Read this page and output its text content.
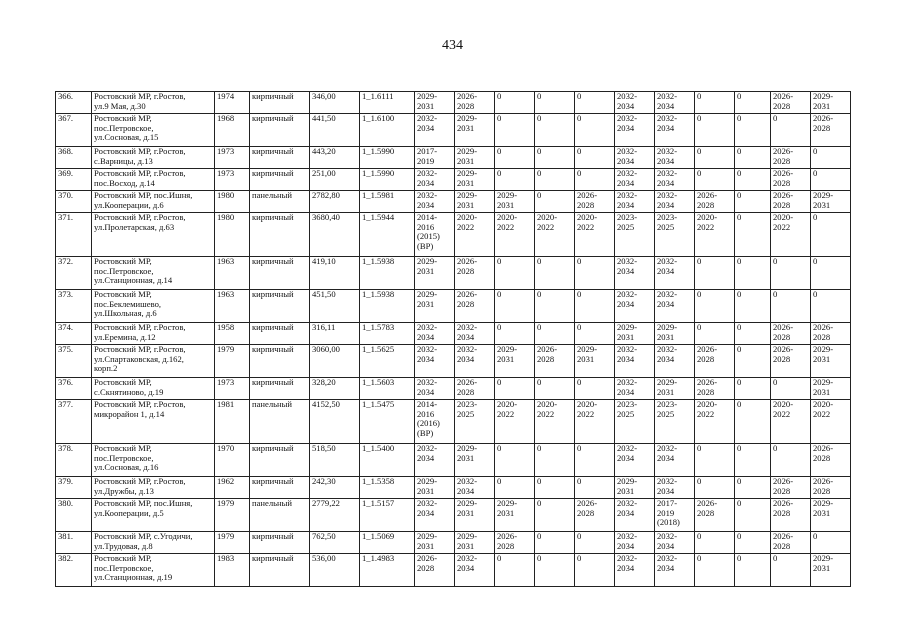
434
366.	Ростовский МР, г.Ростов,
ул.9 Мая, д.30	1974	кирпичный	346,00	1_1.6111	2029-
2031	2026-
2028	0	0	0	2032-
2034	2032-
2034	0	0	2026-
2028	2029-
2031
367.	Ростовский МР,
пос.Петровское,
ул.Сосновая, д.15	1968	кирпичный	441,50	1_1.6100	2032-
2034	2029-
2031	0	0	0	2032-
2034	2032-
2034	0	0	0	2026-
2028
368.	Ростовский МР, г.Ростов,
с.Варницы, д.13	1973	кирпичный	443,20	1_1.5990	2017-
2019	2029-
2031	0	0	0	2032-
2034	2032-
2034	0	0	2026-
2028	0
369.	Ростовский МР, г.Ростов,
пос.Восход, д.14	1973	кирпичный	251,00	1_1.5990	2032-
2034	2029-
2031	0	0	0	2032-
2034	2032-
2034	0	0	2026-
2028	0
370.	Ростовский МР, пос.Ишня,
ул.Кооперации, д.6	1980	панельный	2782,80	1_1.5981	2032-
2034	2029-
2031	2029-
2031	0	2026-
2028	2032-
2034	2032-
2034	2026-
2028	0	2026-
2028	2029-
2031
371.	Ростовский МР, г.Ростов,
ул.Пролетарская, д.63	1980	кирпичный	3680,40	1_1.5944	2014-
2016
(2015)
(ВР)	2020-
2022	2020-
2022	2020-
2022	2020-
2022	2023-
2025	2023-
2025	2020-
2022	0	2020-
2022	0
372.	Ростовский МР,
пос.Петровское,
ул.Станционная, д.14	1963	кирпичный	419,10	1_1.5938	2029-
2031	2026-
2028	0	0	0	2032-
2034	2032-
2034	0	0	0	0
373.	Ростовский МР,
пос.Беклемишево,
ул.Школьная, д.6	1963	кирпичный	451,50	1_1.5938	2029-
2031	2026-
2028	0	0	0	2032-
2034	2032-
2034	0	0	0	0
374.	Ростовский МР, г.Ростов,
ул.Еремина, д.12	1958	кирпичный	316,11	1_1.5783	2032-
2034	2032-
2034	0	0	0	2029-
2031	2029-
2031	0	0	2026-
2028	2026-
2028
375.	Ростовский МР, г.Ростов,
ул.Спартаковская, д.162,
корп.2	1979	кирпичный	3060,00	1_1.5625	2032-
2034	2032-
2034	2029-
2031	2026-
2028	2029-
2031	2032-
2034	2032-
2034	2026-
2028	0	2026-
2028	2029-
2031
376.	Ростовский МР,
с.Скнятиново, д.19	1973	кирпичный	328,20	1_1.5603	2032-
2034	2026-
2028	0	0	0	2032-
2034	2029-
2031	2026-
2028	0	0	2029-
2031
377.	Ростовский МР, г.Ростов,
микрорайон 1, д.14	1981	панельный	4152,50	1_1.5475	2014-
2016
(2016)
(ВР)	2023-
2025	2020-
2022	2020-
2022	2020-
2022	2023-
2025	2023-
2025	2020-
2022	0	2020-
2022	2020-
2022
378.	Ростовский МР,
пос.Петровское,
ул.Сосновая, д.16	1970	кирпичный	518,50	1_1.5400	2032-
2034	2029-
2031	0	0	0	2032-
2034	2032-
2034	0	0	0	2026-
2028
379.	Ростовский МР, г.Ростов,
ул.Дружбы, д.13	1962	кирпичный	242,30	1_1.5358	2029-
2031	2032-
2034	0	0	0	2029-
2031	2032-
2034	0	0	2026-
2028	2026-
2028
380.	Ростовский МР, пос.Ишня,
ул.Кооперации, д.5	1979	панельный	2779,22	1_1.5157	2032-
2034	2029-
2031	2029-
2031	0	2026-
2028	2032-
2034	2017-
2019
(2018)	2026-
2028	0	2026-
2028	2029-
2031
381.	Ростовский МР, с.Угодичи,
ул.Трудовая, д.8	1979	кирпичный	762,50	1_1.5069	2029-
2031	2029-
2031	2026-
2028	0	0	2032-
2034	2032-
2034	0	0	2026-
2028	0
382.	Ростовский МР,
пос.Петровское,
ул.Станционная, д.19	1983	кирпичный	536,00	1_1.4983	2026-
2028	2032-
2034	0	0	0	2032-
2034	2032-
2034	0	0	0	2029-
2031
